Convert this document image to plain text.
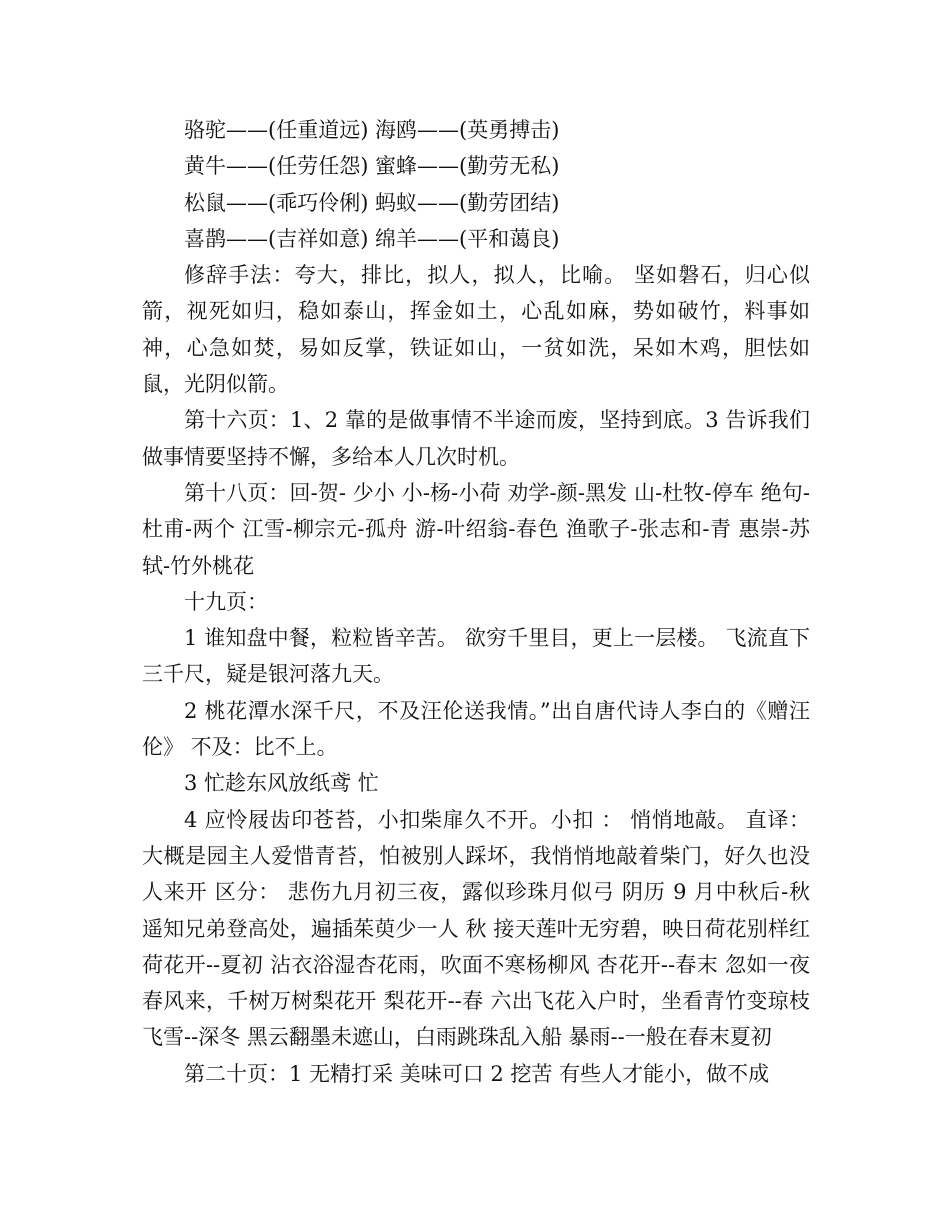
骆驼——(任重道远) 海鸥——(英勇搏击)

黄牛——(任劳任怨) 蜜蜂——(勤劳无私)

松鼠——(乖巧伶俐) 蚂蚁——(勤劳团结)

喜鹊——(吉祥如意) 绵羊——(平和蔼良)

修辞手法：夸大，排比，拟人，拟人，比喻。 坚如磐石，归心似箭，视死如归，稳如泰山，挥金如土，心乱如麻，势如破竹，料事如神，心急如焚，易如反掌，铁证如山，一贫如洗，呆如木鸡，胆怯如鼠，光阴似箭。

第十六页：1、2 靠的是做事情不半途而废，坚持到底。3 告诉我们做事情要坚持不懈，多给本人几次时机。

第十八页：回-贺- 少小 小-杨-小荷 劝学-颜-黑发 山-杜牧-停车 绝句-杜甫-两个 江雪-柳宗元-孤舟 游-叶绍翁-春色 渔歌子-张志和-青 惠崇-苏轼-竹外桃花

十九页：

1 谁知盘中餐，粒粒皆辛苦。 欲穷千里目，更上一层楼。 飞流直下三千尺，疑是银河落九天。

2 桃花潭水深千尺，不及汪伦送我情。”出自唐代诗人李白的《赠汪伦》 不及：比不上。

3 忙趁东风放纸鸢 忙

4 应怜屐齿印苍苔，小扣柴扉久不开。小扣 ： 悄悄地敲。 直译：大概是园主人爱惜青苔，怕被别人踩坏，我悄悄地敲着柴门，好久也没人来开 区分： 悲伤九月初三夜，露似珍珠月似弓 阴历 9 月中秋后-秋 遥知兄弟登高处，遍插茱萸少一人 秋 接天莲叶无穷碧，映日荷花别样红 荷花开--夏初 沾衣浴湿杏花雨，吹面不寒杨柳风 杏花开--春末 忽如一夜春风来，千树万树梨花开 梨花开--春 六出飞花入户时，坐看青竹变琼枝 飞雪--深冬 黑云翻墨未遮山，白雨跳珠乱入船 暴雨--一般在春末夏初

第二十页：1 无精打采 美味可口 2 挖苦 有些人才能小，做不成
